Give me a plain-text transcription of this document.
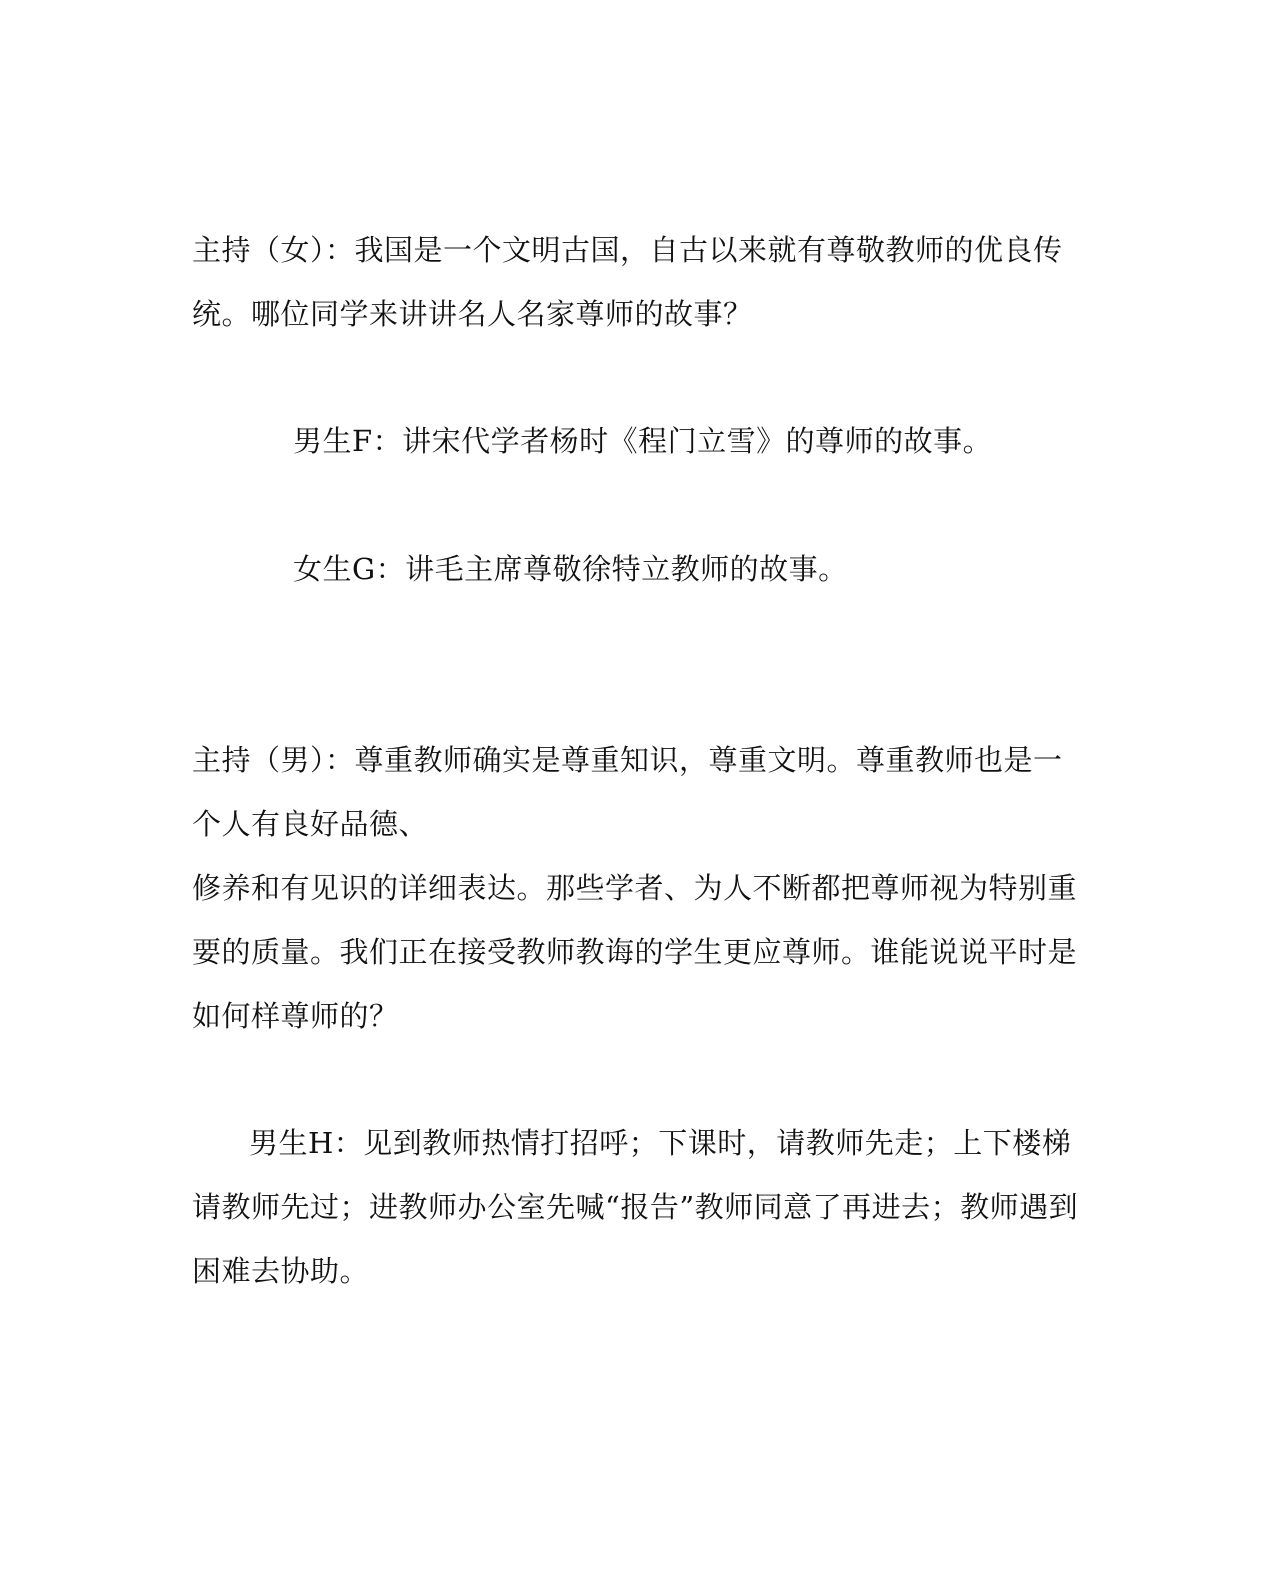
主持（女）：我国是一个文明古国，自古以来就有尊敬教师的优良传
统。哪位同学来讲讲名人名家尊师的故事？
男生F：讲宋代学者杨时《程门立雪》的尊师的故事。
女生G：讲毛主席尊敬徐特立教师的故事。
主持（男）：尊重教师确实是尊重知识，尊重文明。尊重教师也是一
个人有良好品德、
修养和有见识的详细表达。那些学者、为人不断都把尊师视为特别重
要的质量。我们正在接受教师教诲的学生更应尊师。谁能说说平时是
如何样尊师的？
男生H：见到教师热情打招呼；下课时，请教师先走；上下楼梯
请教师先过；进教师办公室先喊“报告”教师同意了再进去；教师遇到
困难去协助。
